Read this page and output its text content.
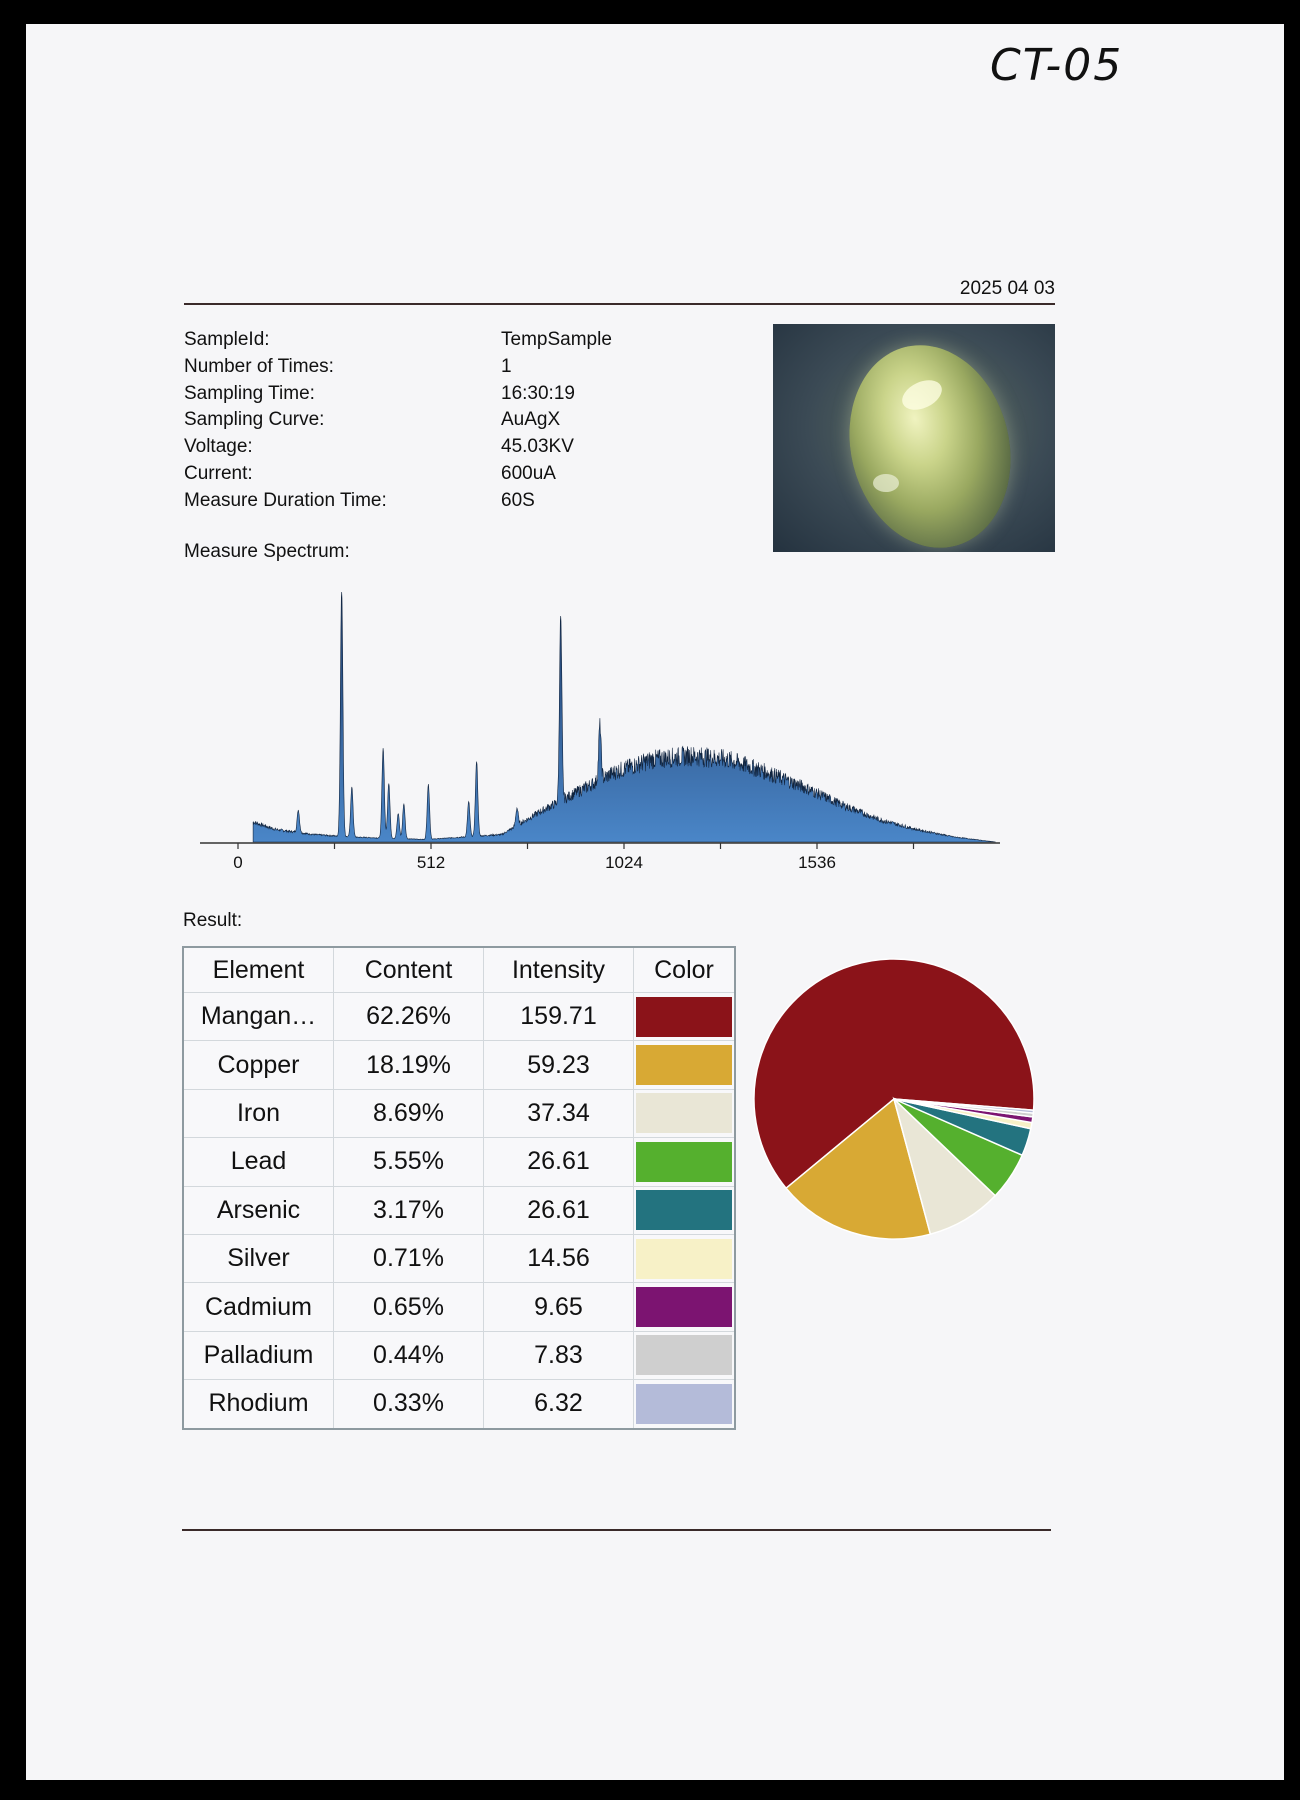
CT-05
2025 04 03
SampleId:	TempSample
Number of Times:	1
Sampling Time:	16:30:19
Sampling Curve:	AuAgX
Voltage:	45.03KV
Current:	600uA
Measure Duration Time:	60S
Measure Spectrum:
0	512	1024	1536
Result:
Element	Content	Intensity	Color
Mangan…	62.26%	159.71	

Copper	18.19%	59.23	

Iron	8.69%	37.34	

Lead	5.55%	26.61	

Arsenic	3.17%	26.61	

Silver	0.71%	14.56	

Cadmium	0.65%	9.65	

Palladium	0.44%	7.83	

Rhodium	0.33%	6.32	
